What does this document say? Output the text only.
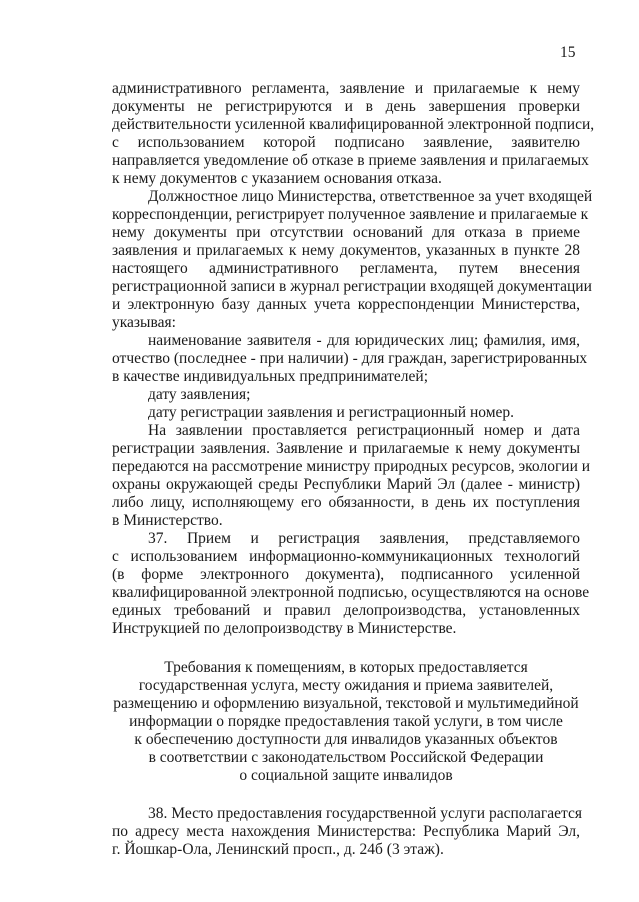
15
административного регламента, заявление и прилагаемые к нему
документы не регистрируются и в день завершения проверки
действительности усиленной квалифицированной электронной подписи,
с использованием которой подписано заявление, заявителю
направляется уведомление об отказе в приеме заявления и прилагаемых
к нему документов с указанием основания отказа.
Должностное лицо Министерства, ответственное за учет входящей
корреспонденции, регистрирует полученное заявление и прилагаемые к
нему документы при отсутствии оснований для отказа в приеме
заявления и прилагаемых к нему документов, указанных в пункте 28
настоящего административного регламента, путем внесения
регистрационной записи в журнал регистрации входящей документации
и электронную базу данных учета корреспонденции Министерства,
указывая:
наименование заявителя - для юридических лиц; фамилия, имя,
отчество (последнее - при наличии) - для граждан, зарегистрированных
в качестве индивидуальных предпринимателей;
дату заявления;
дату регистрации заявления и регистрационный номер.
На заявлении проставляется регистрационный номер и дата
регистрации заявления. Заявление и прилагаемые к нему документы
передаются на рассмотрение министру природных ресурсов, экологии и
охраны окружающей среды Республики Марий Эл (далее - министр)
либо лицу, исполняющему его обязанности, в день их поступления
в Министерство.
37. Прием и регистрация заявления, представляемого
с использованием информационно-коммуникационных технологий
(в форме электронного документа), подписанного усиленной
квалифицированной электронной подписью, осуществляются на основе
единых требований и правил делопроизводства, установленных
Инструкцией по делопроизводству в Министерстве.
Требования к помещениям, в которых предоставляется
государственная услуга, месту ожидания и приема заявителей,
размещению и оформлению визуальной, текстовой и мультимедийной
информации о порядке предоставления такой услуги, в том числе
к обеспечению доступности для инвалидов указанных объектов
в соответствии с законодательством Российской Федерации
о социальной защите инвалидов
38. Место предоставления государственной услуги располагается
по адресу места нахождения Министерства: Республика Марий Эл,
г. Йошкар-Ола, Ленинский просп., д. 24б (3 этаж).
